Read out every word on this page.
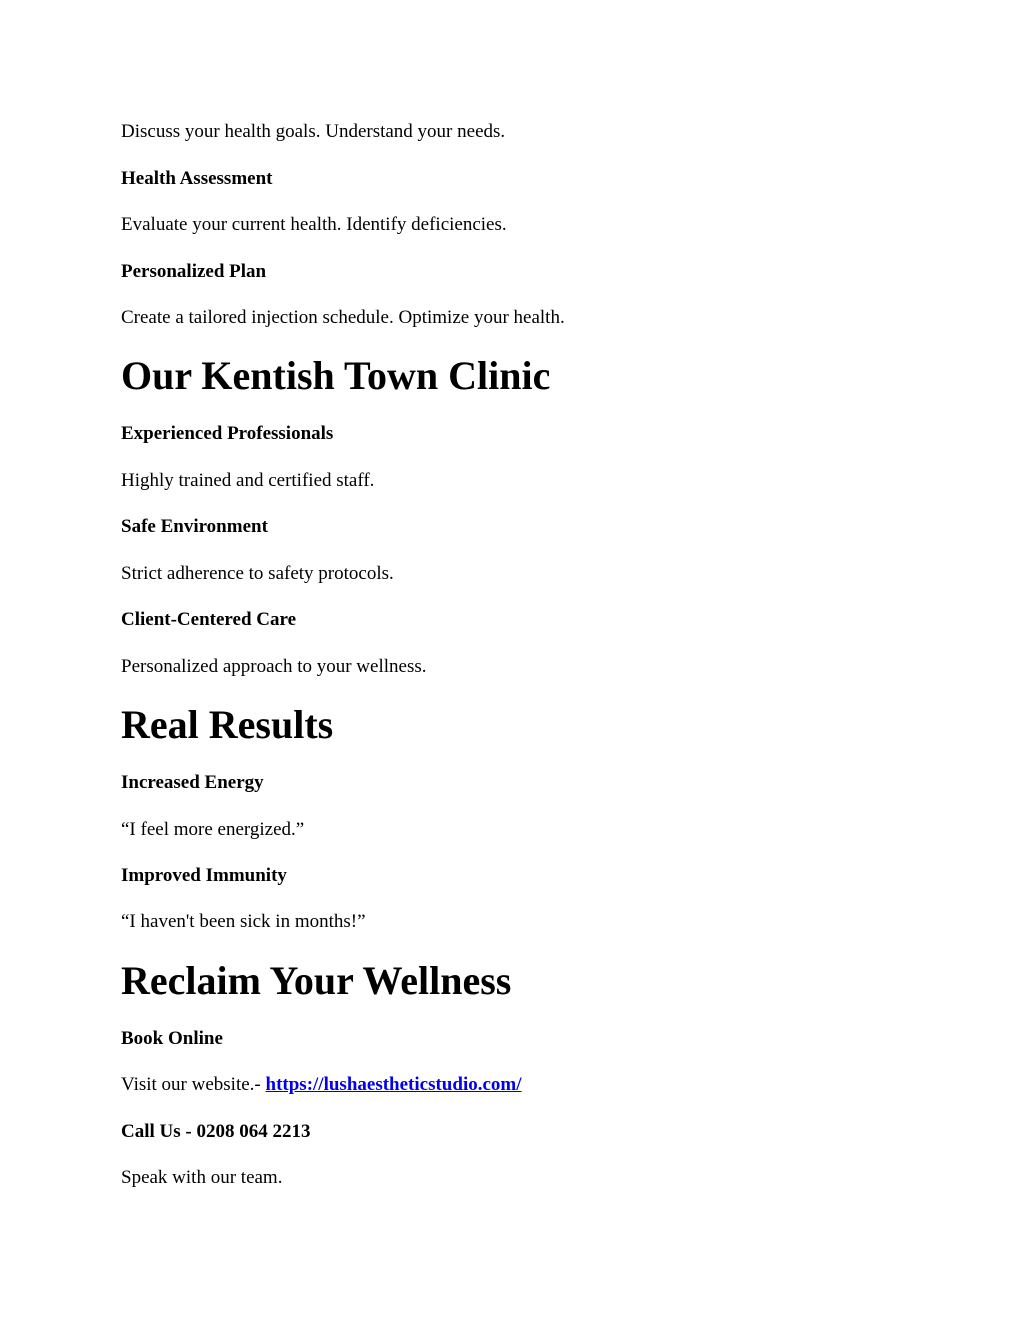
Discuss your health goals. Understand your needs.

Health Assessment

Evaluate your current health. Identify deficiencies.

Personalized Plan

Create a tailored injection schedule. Optimize your health.

Our Kentish Town Clinic

Experienced Professionals

Highly trained and certified staff.

Safe Environment

Strict adherence to safety protocols.

Client-Centered Care

Personalized approach to your wellness.

Real Results

Increased Energy

“I feel more energized.”

Improved Immunity

“I haven't been sick in months!”

Reclaim Your Wellness

Book Online

Visit our website.- https://lushaestheticstudio.com/

Call Us - 0208 064 2213

Speak with our team.
